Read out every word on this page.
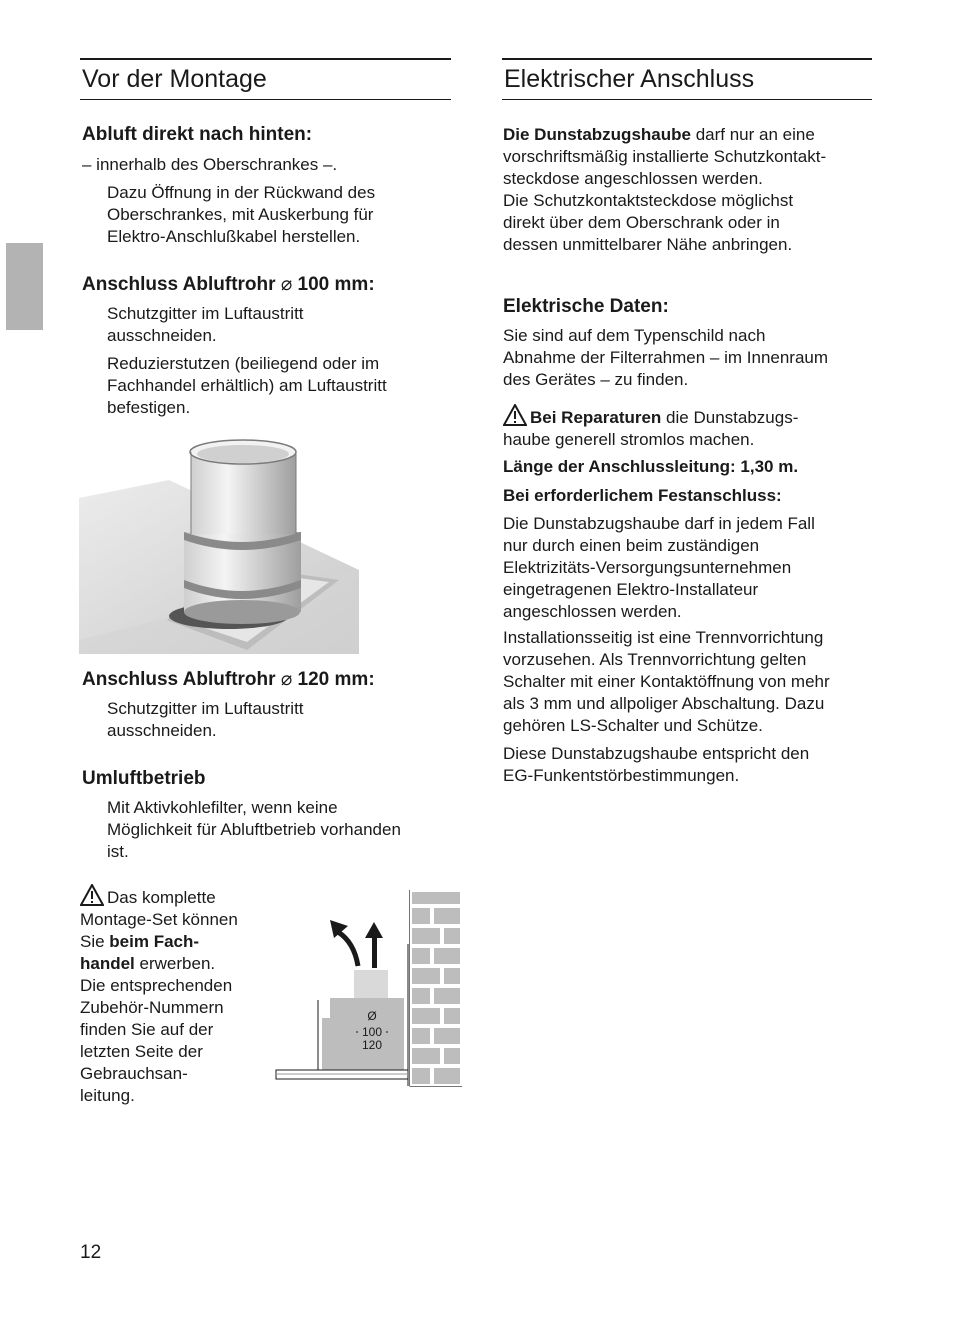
Vor der Montage
Abluft direkt nach hinten:
– innerhalb des Oberschrankes –.
Dazu Öffnung in der Rückwand des
Oberschrankes, mit Auskerbung für
Elektro-Anschlußkabel herstellen.
Anschluss Abluftrohr ⌀ 100 mm:
Schutzgitter im Luftaustritt
ausschneiden.
Reduzierstutzen (beiliegend oder im
Fachhandel erhältlich) am Luftaustritt
befestigen.
Anschluss Abluftrohr ⌀ 120 mm:
Schutzgitter im Luftaustritt
ausschneiden.
Umluftbetrieb
Mit Aktivkohlefilter, wenn keine
Möglichkeit für Abluftbetrieb vorhanden
ist.
Das komplette
Montage-Set können
Sie beim Fach-
handel erwerben.
Die entsprechenden
Zubehör-Nummern
finden Sie auf der
letzten Seite der
Gebrauchsan-
leitung.
Ø
100
120
Elektrischer Anschluss
Die Dunstabzugshaube darf nur an eine
vorschriftsmäßig installierte Schutzkontakt-
steckdose angeschlossen werden.
Die Schutzkontaktsteckdose möglichst
direkt über dem Oberschrank oder in
dessen unmittelbarer Nähe anbringen.
Elektrische Daten:
Sie sind auf dem Typenschild nach
Abnahme der Filterrahmen – im Innenraum
des Gerätes – zu finden.
Bei Reparaturen die Dunstabzugs-
haube generell stromlos machen.
Länge der Anschlussleitung: 1,30 m.
Bei erforderlichem Festanschluss:
Die Dunstabzugshaube darf in jedem Fall
nur durch einen beim zuständigen
Elektrizitäts-Versorgungsunternehmen
eingetragenen Elektro-Installateur
angeschlossen werden.
Installationsseitig ist eine Trennvorrichtung
vorzusehen. Als Trennvorrichtung gelten
Schalter mit einer Kontaktöffnung von mehr
als 3 mm und allpoliger Abschaltung. Dazu
gehören LS-Schalter und Schütze.
Diese Dunstabzugshaube entspricht den
EG-Funkentstörbestimmungen.
12
